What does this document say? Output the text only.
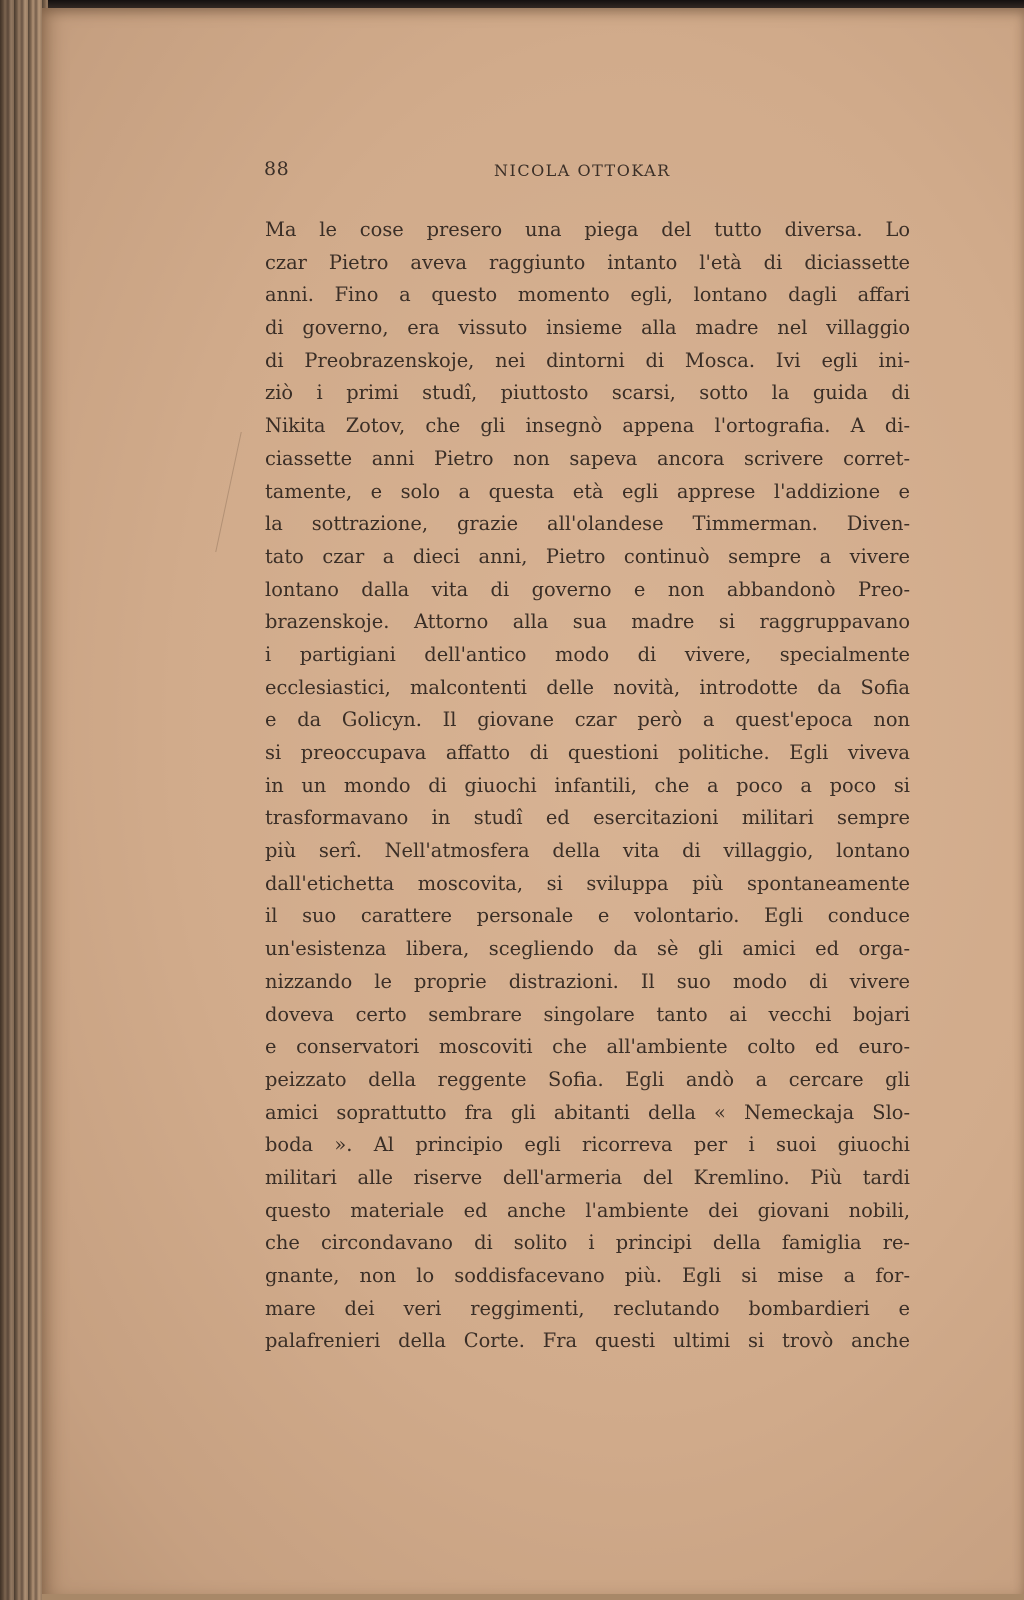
88	NICOLA OTTOKAR
Ma le cose presero una piega del tutto diversa. Lo
czar Pietro aveva raggiunto intanto l'età di diciassette
anni. Fino a questo momento egli, lontano dagli affari
di governo, era vissuto insieme alla madre nel villaggio
di Preobrazenskoje, nei dintorni di Mosca. Ivi egli ini-
ziò i primi studî, piuttosto scarsi, sotto la guida di
Nikita Zotov, che gli insegnò appena l'ortografia. A di-
ciassette anni Pietro non sapeva ancora scrivere corret-
tamente, e solo a questa età egli apprese l'addizione e
la sottrazione, grazie all'olandese Timmerman. Diven-
tato czar a dieci anni, Pietro continuò sempre a vivere
lontano dalla vita di governo e non abbandonò Preo-
brazenskoje. Attorno alla sua madre si raggruppavano
i partigiani dell'antico modo di vivere, specialmente
ecclesiastici, malcontenti delle novità, introdotte da Sofia
e da Golicyn. Il giovane czar però a quest'epoca non
si preoccupava affatto di questioni politiche. Egli viveva
in un mondo di giuochi infantili, che a poco a poco si
trasformavano in studî ed esercitazioni militari sempre
più serî. Nell'atmosfera della vita di villaggio, lontano
dall'etichetta moscovita, si sviluppa più spontaneamente
il suo carattere personale e volontario. Egli conduce
un'esistenza libera, scegliendo da sè gli amici ed orga-
nizzando le proprie distrazioni. Il suo modo di vivere
doveva certo sembrare singolare tanto ai vecchi bojari
e conservatori moscoviti che all'ambiente colto ed euro-
peizzato della reggente Sofia. Egli andò a cercare gli
amici soprattutto fra gli abitanti della « Nemeckaja Slo-
boda ». Al principio egli ricorreva per i suoi giuochi
militari alle riserve dell'armeria del Kremlino. Più tardi
questo materiale ed anche l'ambiente dei giovani nobili,
che circondavano di solito i principi della famiglia re-
gnante, non lo soddisfacevano più. Egli si mise a for-
mare dei veri reggimenti, reclutando bombardieri e
palafrenieri della Corte. Fra questi ultimi si trovò anche
